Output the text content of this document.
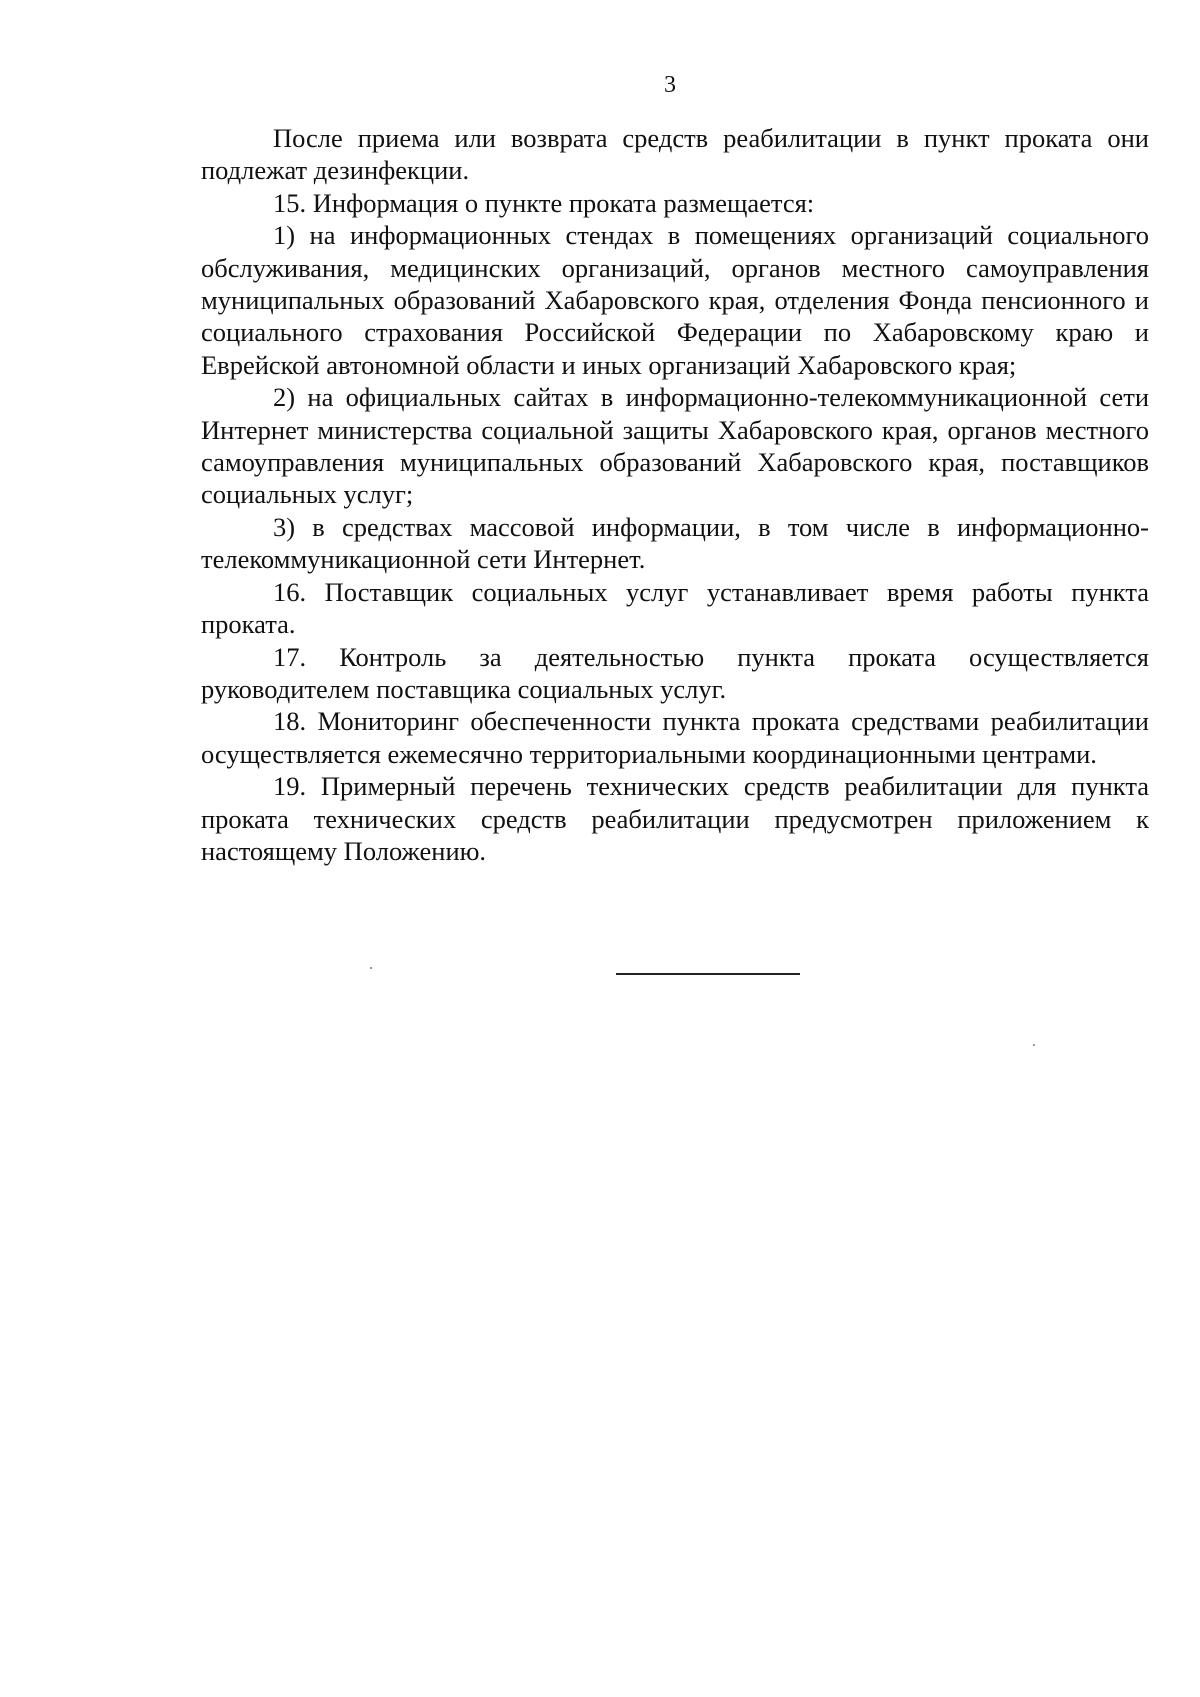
3

После приема или возврата средств реабилитации в пункт проката они подлежат дезинфекции.

15. Информация о пункте проката размещается:

1) на информационных стендах в помещениях организаций социального обслуживания, медицинских организаций, органов местного самоуправления муниципальных образований Хабаровского края, отделения Фонда пенсионного и социального страхования Российской Федерации по Хабаровскому краю и Еврейской автономной области и иных организаций Хабаровского края;

2) на официальных сайтах в информационно-телекоммуникационной сети Интернет министерства социальной защиты Хабаровского края, органов местного самоуправления муниципальных образований Хабаровского края, поставщиков социальных услуг;

3) в средствах массовой информации, в том числе в информационно-телекоммуникационной сети Интернет.

16. Поставщик социальных услуг устанавливает время работы пункта проката.

17. Контроль за деятельностью пункта проката осуществляется руководителем поставщика социальных услуг.

18. Мониторинг обеспеченности пункта проката средствами реабилитации осуществляется ежемесячно территориальными координационными центрами.

19. Примерный перечень технических средств реабилитации для пункта проката технических средств реабилитации предусмотрен приложением к настоящему Положению.
